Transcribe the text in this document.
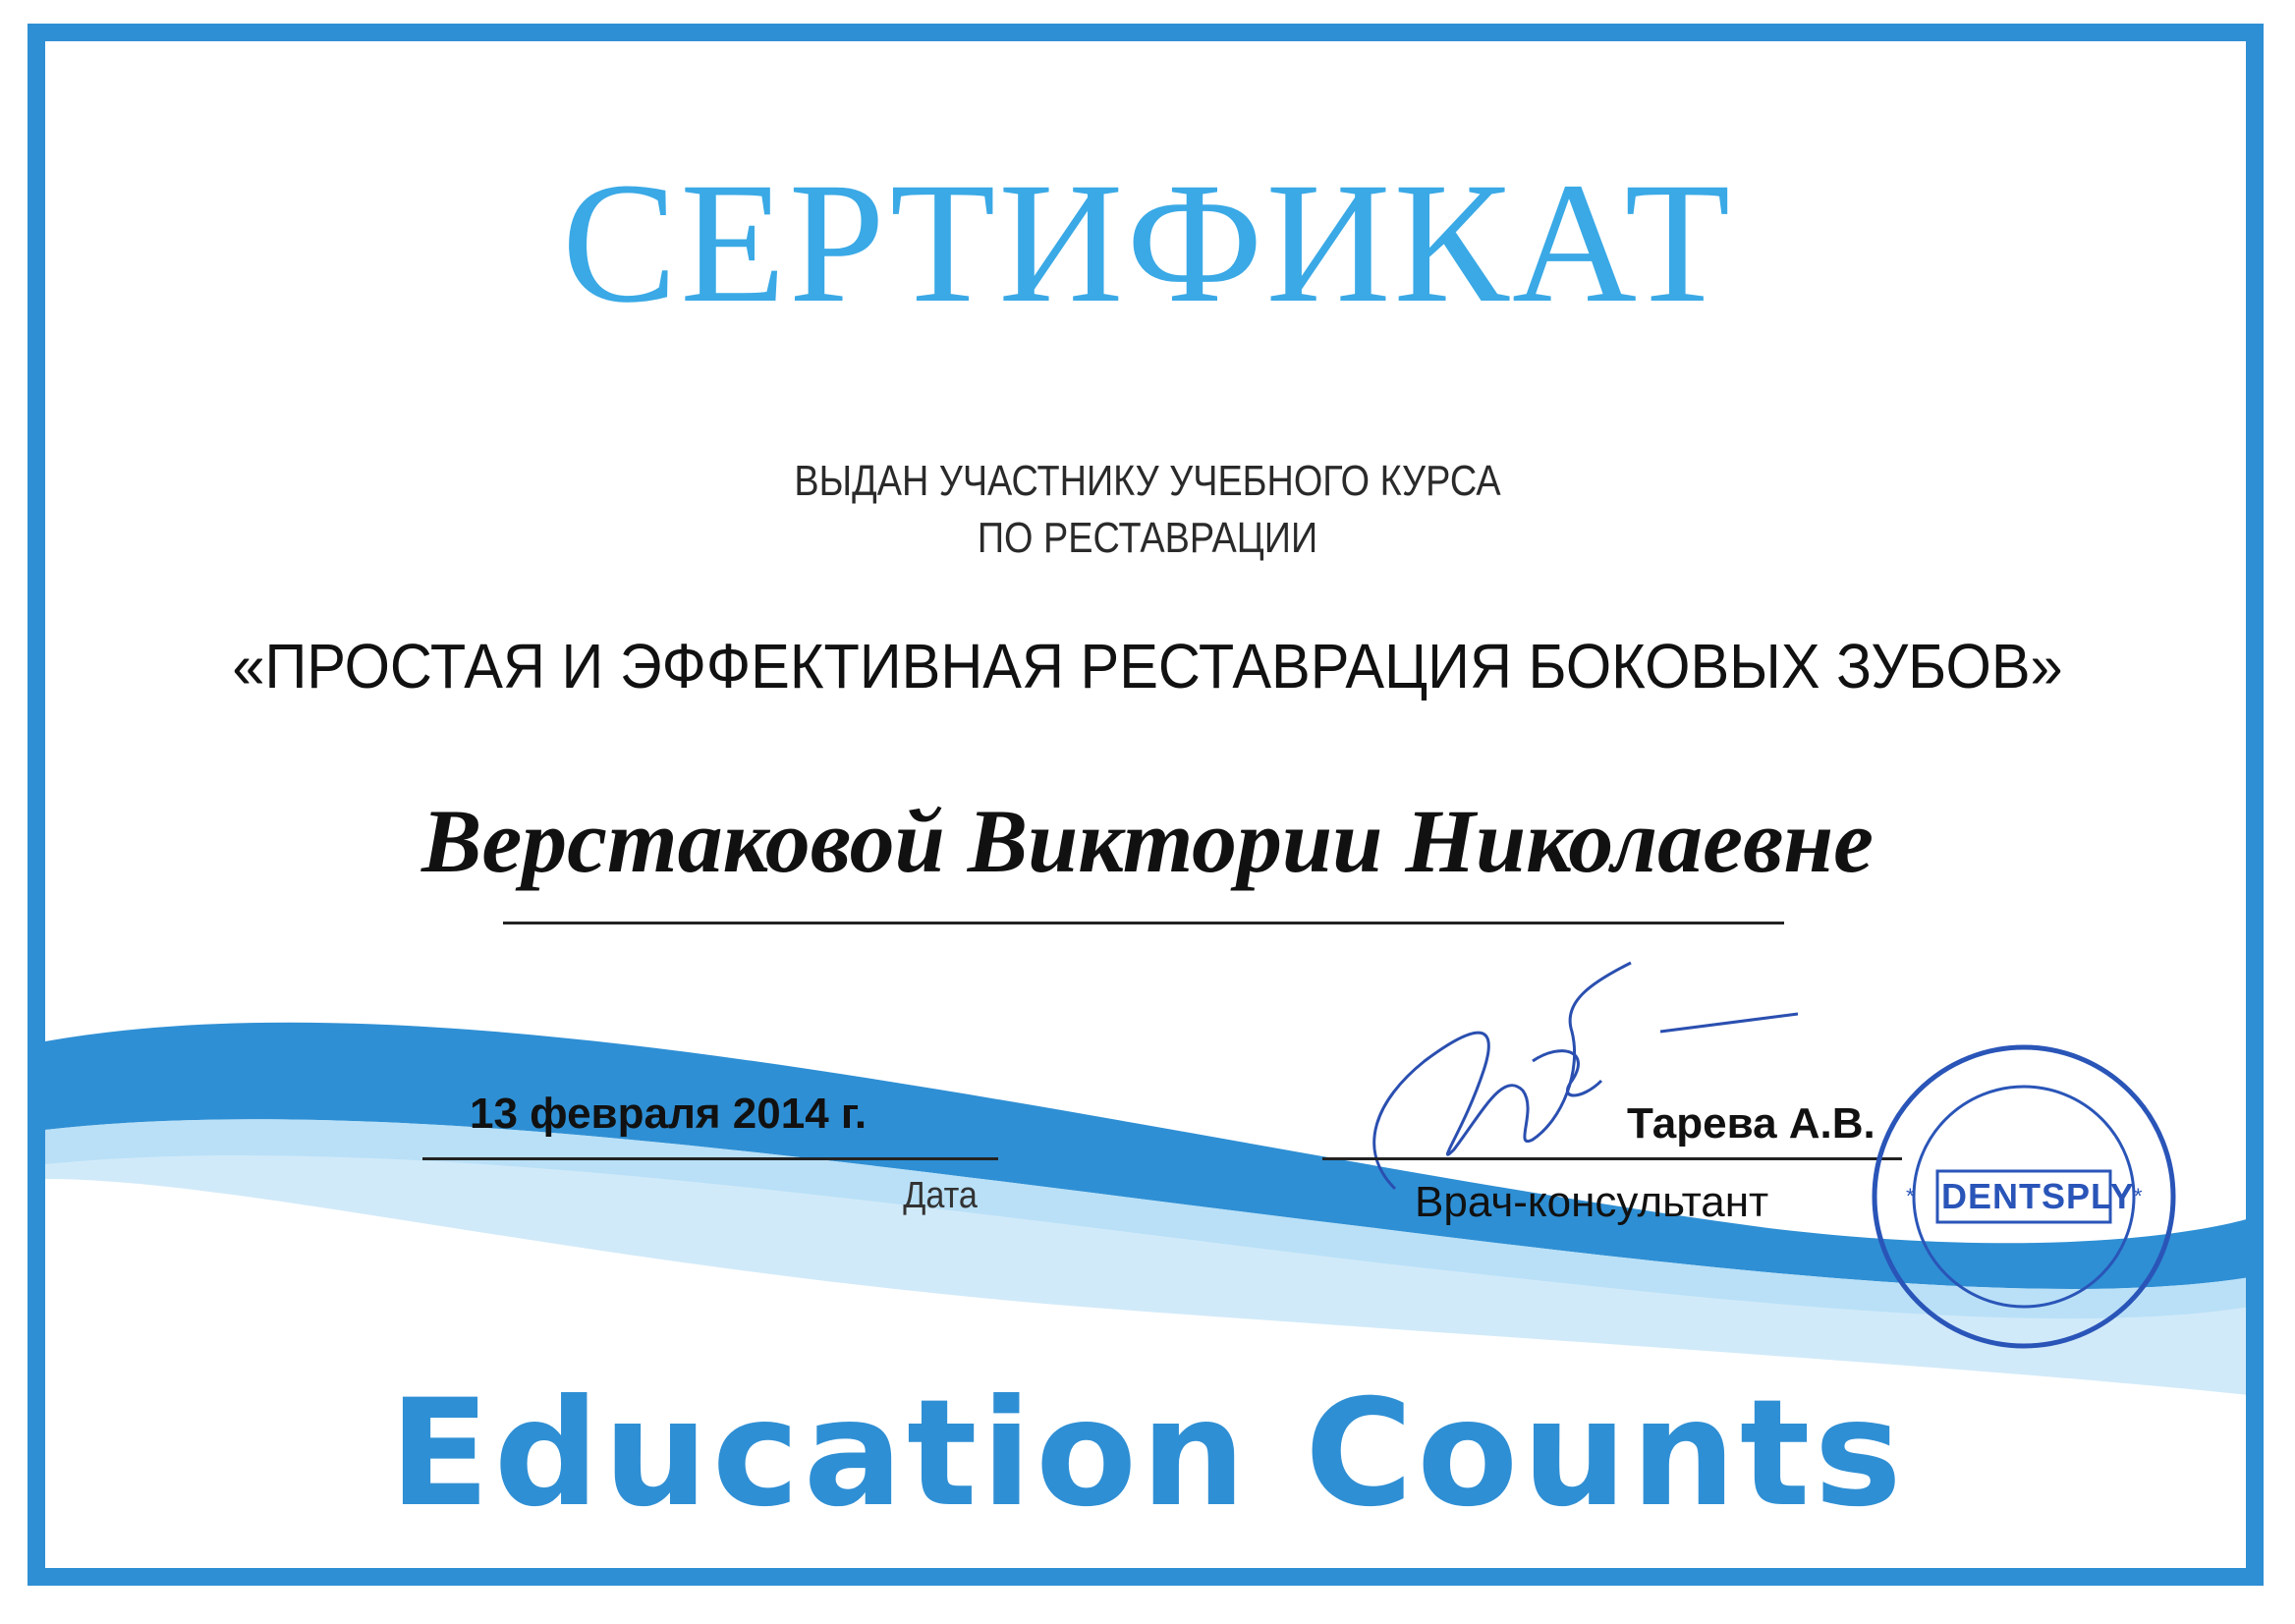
СЕРТИФИКАТ
ВЫДАН УЧАСТНИКУ УЧЕБНОГО КУРСА
ПО РЕСТАВРАЦИИ
«ПРОСТАЯ И ЭФФЕКТИВНАЯ РЕСТАВРАЦИЯ БОКОВЫХ ЗУБОВ»
Верстаковой Виктории Николаевне
13 февраля 2014 г.
Дата
Тарева А.В.
Врач-консультант	*	*
DENTSPLY
Education Counts
